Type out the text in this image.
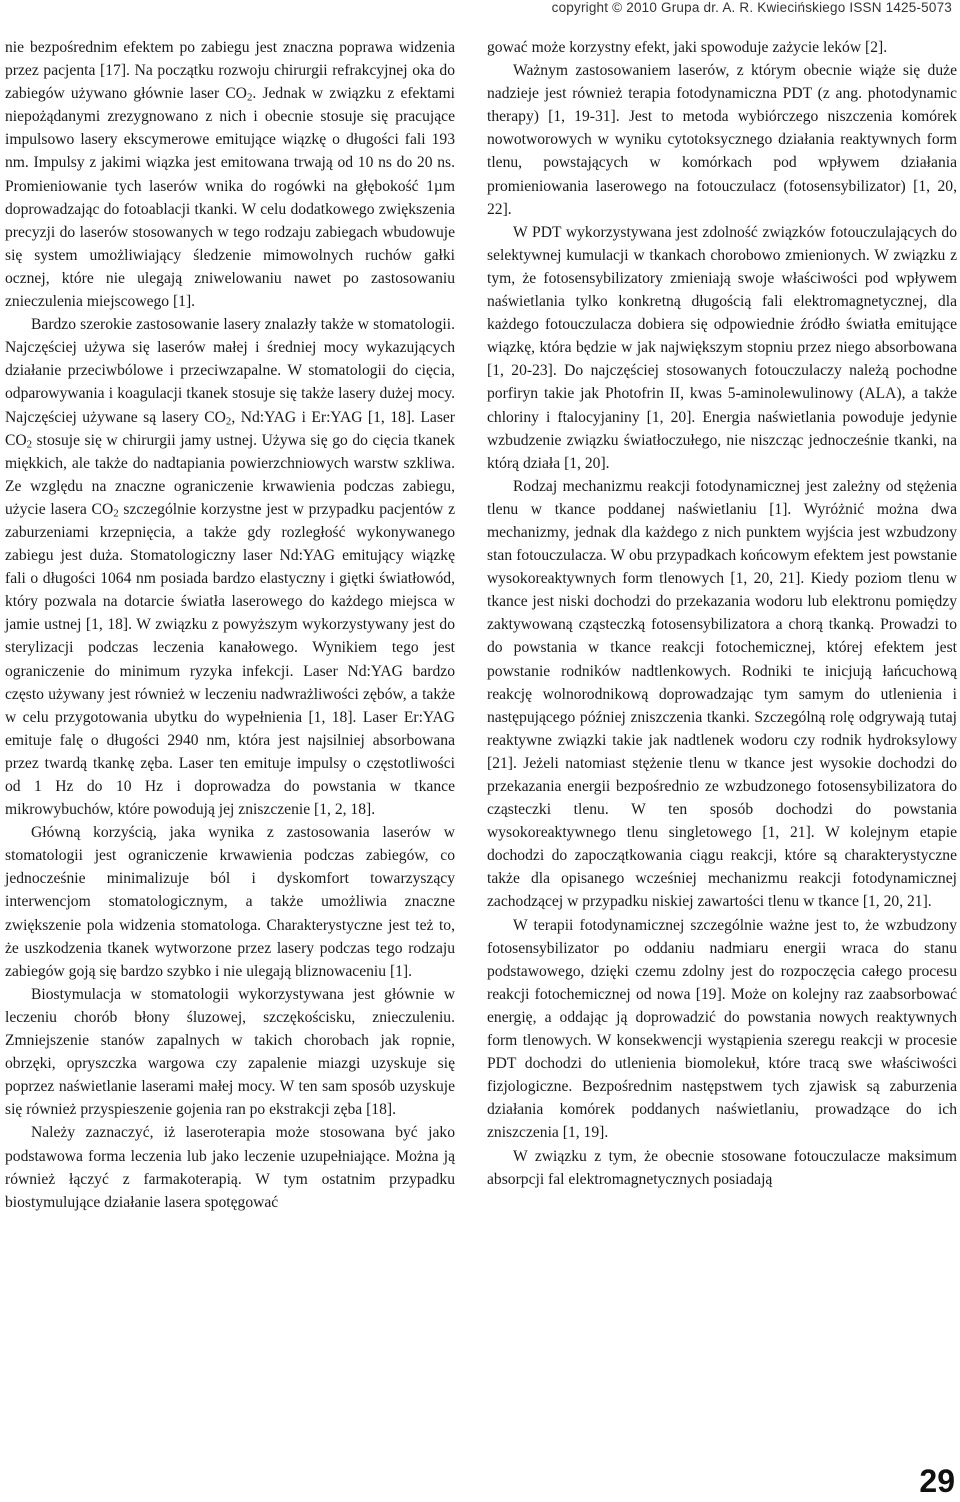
copyright © 2010 Grupa dr. A. R. Kwiecińskiego ISSN 1425-5073

nie bezpośrednim efektem po zabiegu jest znaczna poprawa widzenia przez pacjenta [17]. Na początku rozwoju chirurgii refrakcyjnej oka do zabiegów używano głównie laser $CO_2$. Jednak w związku z efektami niepożądanymi zrezygnowano z nich i obecnie stosuje się pracujące impulsowo lasery ekscymerowe emitujące wiązkę o długości fali 193 nm. Impulsy z jakimi wiązka jest emitowana trwają od 10 ns do 20 ns. Promieniowanie tych laserów wnika do rogówki na głębokość 1µm doprowadzając do fotoablacji tkanki. W celu dodatkowego zwiększenia precyzji do laserów stosowanych w tego rodzaju zabiegach wbudowuje się system umożliwiający śledzenie mimowolnych ruchów gałki ocznej, które nie ulegają zniwelowaniu nawet po zastosowaniu znieczulenia miejscowego [1].

Bardzo szerokie zastosowanie lasery znalazły także w stomatologii. Najczęściej używa się laserów małej i średniej mocy wykazujących działanie przeciwbólowe i przeciwzapalne. W stomatologii do cięcia, odparowywania i koagulacji tkanek stosuje się także lasery dużej mocy. Najczęściej używane są lasery $CO_2$, Nd:YAG i Er:YAG [1, 18]. Laser $CO_2$ stosuje się w chirurgii jamy ustnej. Używa się go do cięcia tkanek miękkich, ale także do nadtapiania powierzchniowych warstw szkliwa. Ze względu na znaczne ograniczenie krwawienia podczas zabiegu, użycie lasera $CO_2$ szczególnie korzystne jest w przypadku pacjentów z zaburzeniami krzepnięcia, a także gdy rozległość wykonywanego zabiegu jest duża. Stomatologiczny laser Nd:YAG emitujący wiązkę fali o długości 1064 nm posiada bardzo elastyczny i giętki światłowód, który pozwala na dotarcie światła laserowego do każdego miejsca w jamie ustnej [1, 18]. W związku z powyższym wykorzystywany jest do sterylizacji podczas leczenia kanałowego. Wynikiem tego jest ograniczenie do minimum ryzyka infekcji. Laser Nd:YAG bardzo często używany jest również w leczeniu nadwrażliwości zębów, a także w celu przygotowania ubytku do wypełnienia [1, 18]. Laser Er:YAG emituje falę o długości 2940 nm, która jest najsilniej absorbowana przez twardą tkankę zęba. Laser ten emituje impulsy o częstotliwości od 1 Hz do 10 Hz i doprowadza do powstania w tkance mikrowybuchów, które powodują jej zniszczenie [1, 2, 18].

Główną korzyścią, jaka wynika z zastosowania laserów w stomatologii jest ograniczenie krwawienia podczas zabiegów, co jednocześnie minimalizuje ból i dyskomfort towarzyszący interwencjom stomatologicznym, a także umożliwia znaczne zwiększenie pola widzenia stomatologa. Charakterystyczne jest też to, że uszkodzenia tkanek wytworzone przez lasery podczas tego rodzaju zabiegów goją się bardzo szybko i nie ulegają bliznowaceniu [1].

Biostymulacja w stomatologii wykorzystywana jest głównie w leczeniu chorób błony śluzowej, szczękościsku, znieczuleniu. Zmniejszenie stanów zapalnych w takich chorobach jak ropnie, obrzęki, opryszczka wargowa czy zapalenie miazgi uzyskuje się poprzez naświetlanie laserami małej mocy. W ten sam sposób uzyskuje się również przyspieszenie gojenia ran po ekstrakcji zęba [18].

Należy zaznaczyć, iż laseroterapia może stosowana być jako podstawowa forma leczenia lub jako leczenie uzupełniające. Można ją również łączyć z farmakoterapią. W tym ostatnim przypadku biostymulujące działanie lasera spotęgować

gować może korzystny efekt, jaki spowoduje zażycie leków [2].

Ważnym zastosowaniem laserów, z którym obecnie wiąże się duże nadzieje jest również terapia fotodynamiczna PDT (z ang. photodynamic therapy) [1, 19-31]. Jest to metoda wybiórczego niszczenia komórek nowotworowych w wyniku cytotoksycznego działania reaktywnych form tlenu, powstających w komórkach pod wpływem działania promieniowania laserowego na fotouczulacz (fotosensybilizator) [1, 20, 22].

W PDT wykorzystywana jest zdolność związków fotouczulających do selektywnej kumulacji w tkankach chorobowo zmienionych. W związku z tym, że fotosensybilizatory zmieniają swoje właściwości pod wpływem naświetlania tylko konkretną długością fali elektromagnetycznej, dla każdego fotouczulacza dobiera się odpowiednie źródło światła emitujące wiązkę, która będzie w jak największym stopniu przez niego absorbowana [1, 20-23]. Do najczęściej stosowanych fotouczulaczy należą pochodne porfiryn takie jak Photofrin II, kwas 5-aminolewulinowy (ALA), a także chloriny i ftalocyjaniny [1, 20]. Energia naświetlania powoduje jedynie wzbudzenie związku światłoczułego, nie niszcząc jednocześnie tkanki, na którą działa [1, 20].

Rodzaj mechanizmu reakcji fotodynamicznej jest zależny od stężenia tlenu w tkance poddanej naświetlaniu [1]. Wyróżnić można dwa mechanizmy, jednak dla każdego z nich punktem wyjścia jest wzbudzony stan fotouczulacza. W obu przypadkach końcowym efektem jest powstanie wysokoreaktywnych form tlenowych [1, 20, 21]. Kiedy poziom tlenu w tkance jest niski dochodzi do przekazania wodoru lub elektronu pomiędzy zaktywowaną cząsteczką fotosensybilizatora a chorą tkanką. Prowadzi to do powstania w tkance reakcji fotochemicznej, której efektem jest powstanie rodników nadtlenkowych. Rodniki te inicjują łańcuchową reakcję wolnorodnikową doprowadzając tym samym do utlenienia i następującego później zniszczenia tkanki. Szczególną rolę odgrywają tutaj reaktywne związki takie jak nadtlenek wodoru czy rodnik hydroksylowy [21]. Jeżeli natomiast stężenie tlenu w tkance jest wysokie dochodzi do przekazania energii bezpośrednio ze wzbudzonego fotosensybilizatora do cząsteczki tlenu. W ten sposób dochodzi do powstania wysokoreaktywnego tlenu singletowego [1, 21]. W kolejnym etapie dochodzi do zapoczątkowania ciągu reakcji, które są charakterystyczne także dla opisanego wcześniej mechanizmu reakcji fotodynamicznej zachodzącej w przypadku niskiej zawartości tlenu w tkance [1, 20, 21].

W terapii fotodynamicznej szczególnie ważne jest to, że wzbudzony fotosensybilizator po oddaniu nadmiaru energii wraca do stanu podstawowego, dzięki czemu zdolny jest do rozpoczęcia całego procesu reakcji fotochemicznej od nowa [19]. Może on kolejny raz zaabsorbować energię, a oddając ją doprowadzić do powstania nowych reaktywnych form tlenowych. W konsekwencji wystąpienia szeregu reakcji w procesie PDT dochodzi do utlenienia biomolekuł, które tracą swe właściwości fizjologiczne. Bezpośrednim następstwem tych zjawisk są zaburzenia działania komórek poddanych naświetlaniu, prowadzące do ich zniszczenia [1, 19].

W związku z tym, że obecnie stosowane fotouczulacze maksimum absorpcji fal elektromagnetycznych posiadają

29
